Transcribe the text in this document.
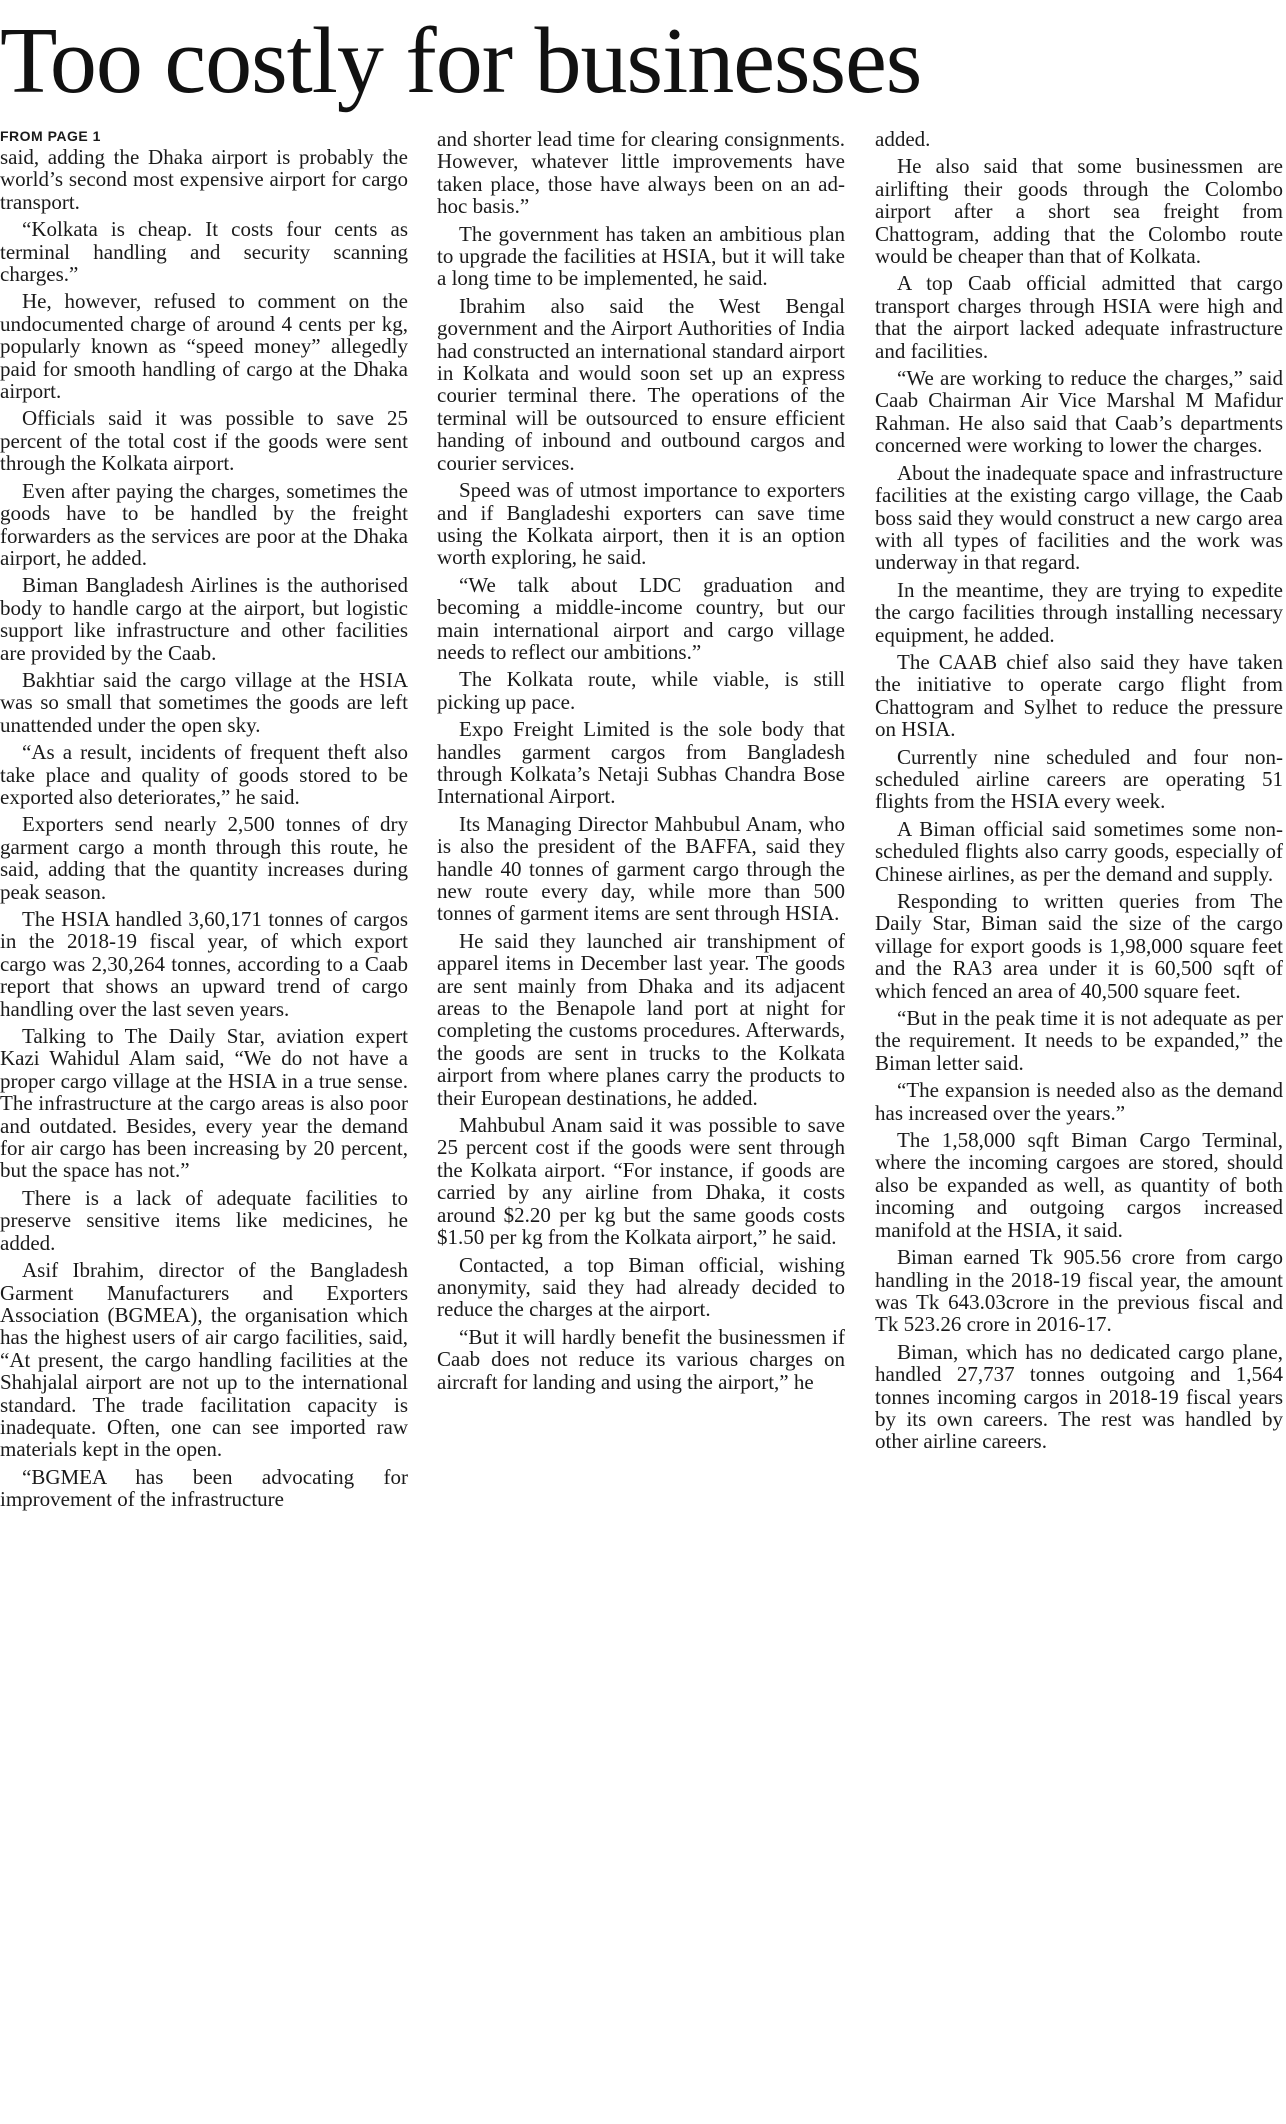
Too costly for businesses
FROM PAGE 1

said, adding the Dhaka airport is probably the world’s second most expensive airport for cargo transport.

“Kolkata is cheap. It costs four cents as terminal handling and security scanning charges.”

He, however, refused to comment on the undocumented charge of around 4 cents per kg, popularly known as “speed money” allegedly paid for smooth handling of cargo at the Dhaka airport.

Officials said it was possible to save 25 percent of the total cost if the goods were sent through the Kolkata airport.

Even after paying the charges, sometimes the goods have to be handled by the freight forwarders as the services are poor at the Dhaka airport, he added.

Biman Bangladesh Airlines is the authorised body to handle cargo at the airport, but logistic support like infrastructure and other facilities are provided by the Caab.

Bakhtiar said the cargo village at the HSIA was so small that sometimes the goods are left unattended under the open sky.

“As a result, incidents of frequent theft also take place and quality of goods stored to be exported also deteriorates,” he said.

Exporters send nearly 2,500 tonnes of dry garment cargo a month through this route, he said, adding that the quantity increases during peak season.

The HSIA handled 3,60,171 tonnes of cargos in the 2018-19 fiscal year, of which export cargo was 2,30,264 tonnes, according to a Caab report that shows an upward trend of cargo handling over the last seven years.

Talking to The Daily Star, aviation expert Kazi Wahidul Alam said, “We do not have a proper cargo village at the HSIA in a true sense. The infrastructure at the cargo areas is also poor and outdated. Besides, every year the demand for air cargo has been increasing by 20 percent, but the space has not.”

There is a lack of adequate facilities to preserve sensitive items like medicines, he added.

Asif Ibrahim, director of the Bangladesh Garment Manufacturers and Exporters Association (BGMEA), the organisation which has the highest users of air cargo facilities, said, “At present, the cargo handling facilities at the Shahjalal airport are not up to the international standard. The trade facilitation capacity is inadequate. Often, one can see imported raw materials kept in the open.

“BGMEA has been advocating for improvement of the infrastructure

and shorter lead time for clearing consignments. However, whatever little improvements have taken place, those have always been on an ad-hoc basis.”

The government has taken an ambitious plan to upgrade the facilities at HSIA, but it will take a long time to be implemented, he said.

Ibrahim also said the West Bengal government and the Airport Authorities of India had constructed an international standard airport in Kolkata and would soon set up an express courier terminal there. The operations of the terminal will be outsourced to ensure efficient handing of inbound and outbound cargos and courier services.

Speed was of utmost importance to exporters and if Bangladeshi exporters can save time using the Kolkata airport, then it is an option worth exploring, he said.

“We talk about LDC graduation and becoming a middle-income country, but our main international airport and cargo village needs to reflect our ambitions.”

The Kolkata route, while viable, is still picking up pace.

Expo Freight Limited is the sole body that handles garment cargos from Bangladesh through Kolkata’s Netaji Subhas Chandra Bose International Airport.

Its Managing Director Mahbubul Anam, who is also the president of the BAFFA, said they handle 40 tonnes of garment cargo through the new route every day, while more than 500 tonnes of garment items are sent through HSIA.

He said they launched air transhipment of apparel items in December last year. The goods are sent mainly from Dhaka and its adjacent areas to the Benapole land port at night for completing the customs procedures. Afterwards, the goods are sent in trucks to the Kolkata airport from where planes carry the products to their European destinations, he added.

Mahbubul Anam said it was possible to save 25 percent cost if the goods were sent through the Kolkata airport. “For instance, if goods are carried by any airline from Dhaka, it costs around $2.20 per kg but the same goods costs $1.50 per kg from the Kolkata airport,” he said.

Contacted, a top Biman official, wishing anonymity, said they had already decided to reduce the charges at the airport.

“But it will hardly benefit the businessmen if Caab does not reduce its various charges on aircraft for landing and using the airport,” he

added.

He also said that some businessmen are airlifting their goods through the Colombo airport after a short sea freight from Chattogram, adding that the Colombo route would be cheaper than that of Kolkata.

A top Caab official admitted that cargo transport charges through HSIA were high and that the airport lacked adequate infrastructure and facilities.

“We are working to reduce the charges,” said Caab Chairman Air Vice Marshal M Mafidur Rahman. He also said that Caab’s departments concerned were working to lower the charges.

About the inadequate space and infrastructure facilities at the existing cargo village, the Caab boss said they would construct a new cargo area with all types of facilities and the work was underway in that regard.

In the meantime, they are trying to expedite the cargo facilities through installing necessary equipment, he added.

The CAAB chief also said they have taken the initiative to operate cargo flight from Chattogram and Sylhet to reduce the pressure on HSIA.

Currently nine scheduled and four non-scheduled airline careers are operating 51 flights from the HSIA every week.

A Biman official said sometimes some non-scheduled flights also carry goods, especially of Chinese airlines, as per the demand and supply.

Responding to written queries from The Daily Star, Biman said the size of the cargo village for export goods is 1,98,000 square feet and the RA3 area under it is 60,500 sqft of which fenced an area of 40,500 square feet.

“But in the peak time it is not adequate as per the requirement. It needs to be expanded,” the Biman letter said.

“The expansion is needed also as the demand has increased over the years.”

The 1,58,000 sqft Biman Cargo Terminal, where the incoming cargoes are stored, should also be expanded as well, as quantity of both incoming and outgoing cargos increased manifold at the HSIA, it said.

Biman earned Tk 905.56 crore from cargo handling in the 2018-19 fiscal year, the amount was Tk 643.03crore in the previous fiscal and Tk 523.26 crore in 2016-17.

Biman, which has no dedicated cargo plane, handled 27,737 tonnes outgoing and 1,564 tonnes incoming cargos in 2018-19 fiscal years by its own careers. The rest was handled by other airline careers.
